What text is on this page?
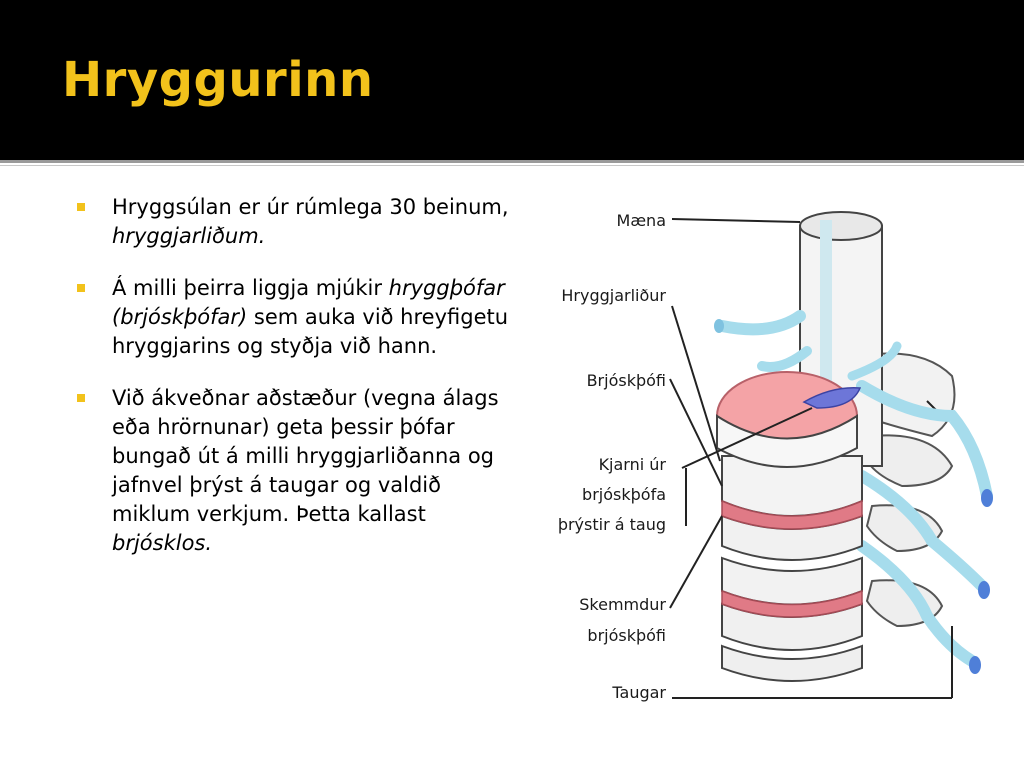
Hryggurinn
Hryggsúlan er úr rúmlega 30 beinum, hryggjarliðum.
Á milli þeirra liggja mjúkir hryggþófar (brjóskþófar) sem auka við hreyfigetu hryggjarins og styðja við hann.
Við ákveðnar aðstæður (vegna álags eða hrörnunar) geta þessir þófar bungað út á milli hryggjarliðanna og jafnvel þrýst á taugar og valdið miklum verkjum. Þetta kallast brjósklos.
Mæna
Hryggjarliður
Brjóskþófi
Kjarni úr
brjóskþófa
þrýstir á taug
Skemmdur
brjóskþófi
Taugar
